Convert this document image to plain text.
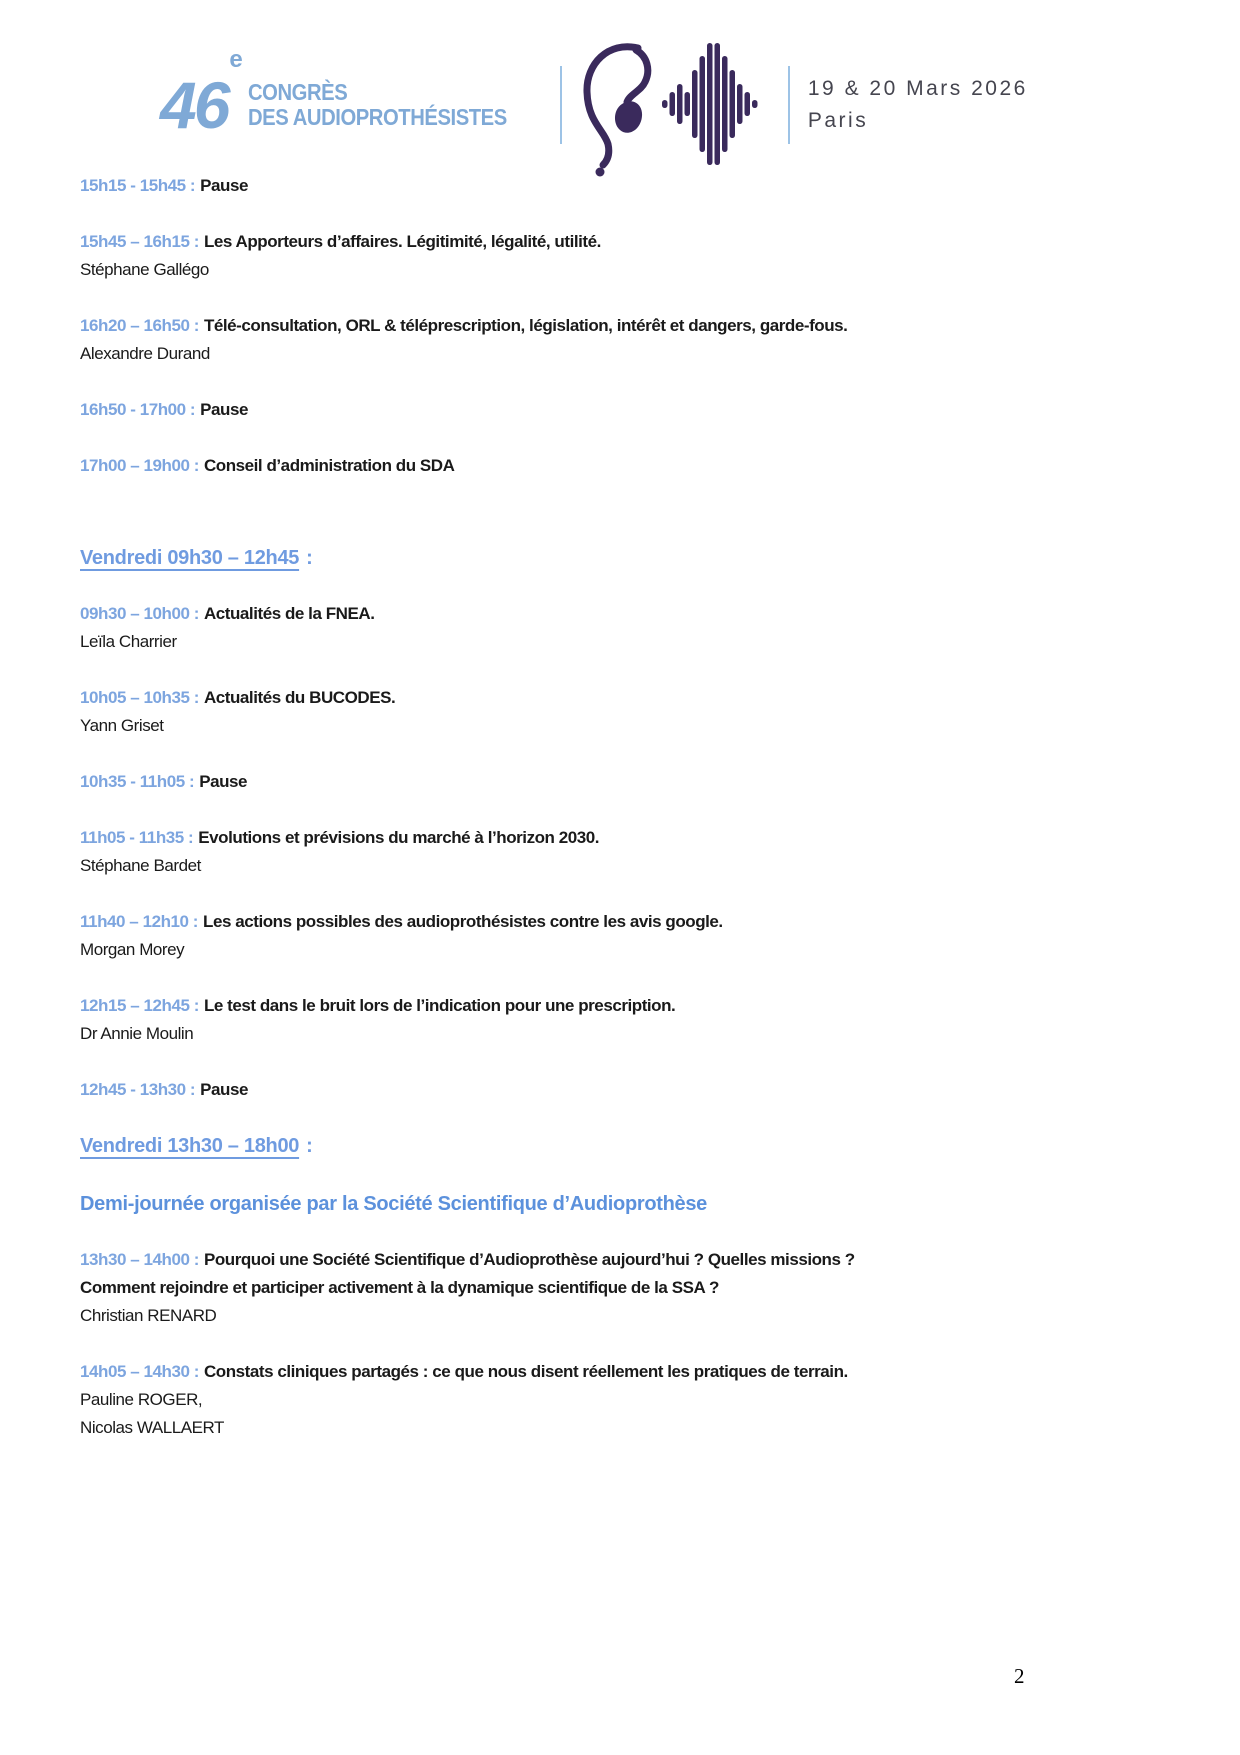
46e
CONGRÈS
DES AUDIOPROTHÉSISTES
19 & 20 Mars 2026
Paris

15h15 - 15h45 : Pause

15h45 – 16h15 : Les Apporteurs d’affaires. Légitimité, légalité, utilité.

Stéphane Gallégo

16h20 – 16h50 : Télé-consultation, ORL & téléprescription, législation, intérêt et dangers, garde-fous.

Alexandre Durand

16h50 - 17h00 : Pause

17h00 – 19h00 : Conseil d’administration du SDA

Vendredi 09h30 – 12h45 :

09h30 – 10h00 : Actualités de la FNEA.

Leïla Charrier

10h05 – 10h35 : Actualités du BUCODES.

Yann Griset

10h35 - 11h05 : Pause

11h05 - 11h35 : Evolutions et prévisions du marché à l’horizon 2030.

Stéphane Bardet

11h40 – 12h10 : Les actions possibles des audioprothésistes contre les avis google.

Morgan Morey

12h15 – 12h45 : Le test dans le bruit lors de l’indication pour une prescription.

Dr Annie Moulin

12h45 - 13h30 : Pause

Vendredi 13h30 – 18h00 :

Demi-journée organisée par la Société Scientifique d’Audioprothèse

13h30 – 14h00 : Pourquoi une Société Scientifique d’Audioprothèse aujourd’hui ? Quelles missions ?

Comment rejoindre et participer activement à la dynamique scientifique de la SSA ?
Christian RENARD

14h05 – 14h30 : Constats cliniques partagés : ce que nous disent réellement les pratiques de terrain.

Pauline ROGER,
Nicolas WALLAERT
2
